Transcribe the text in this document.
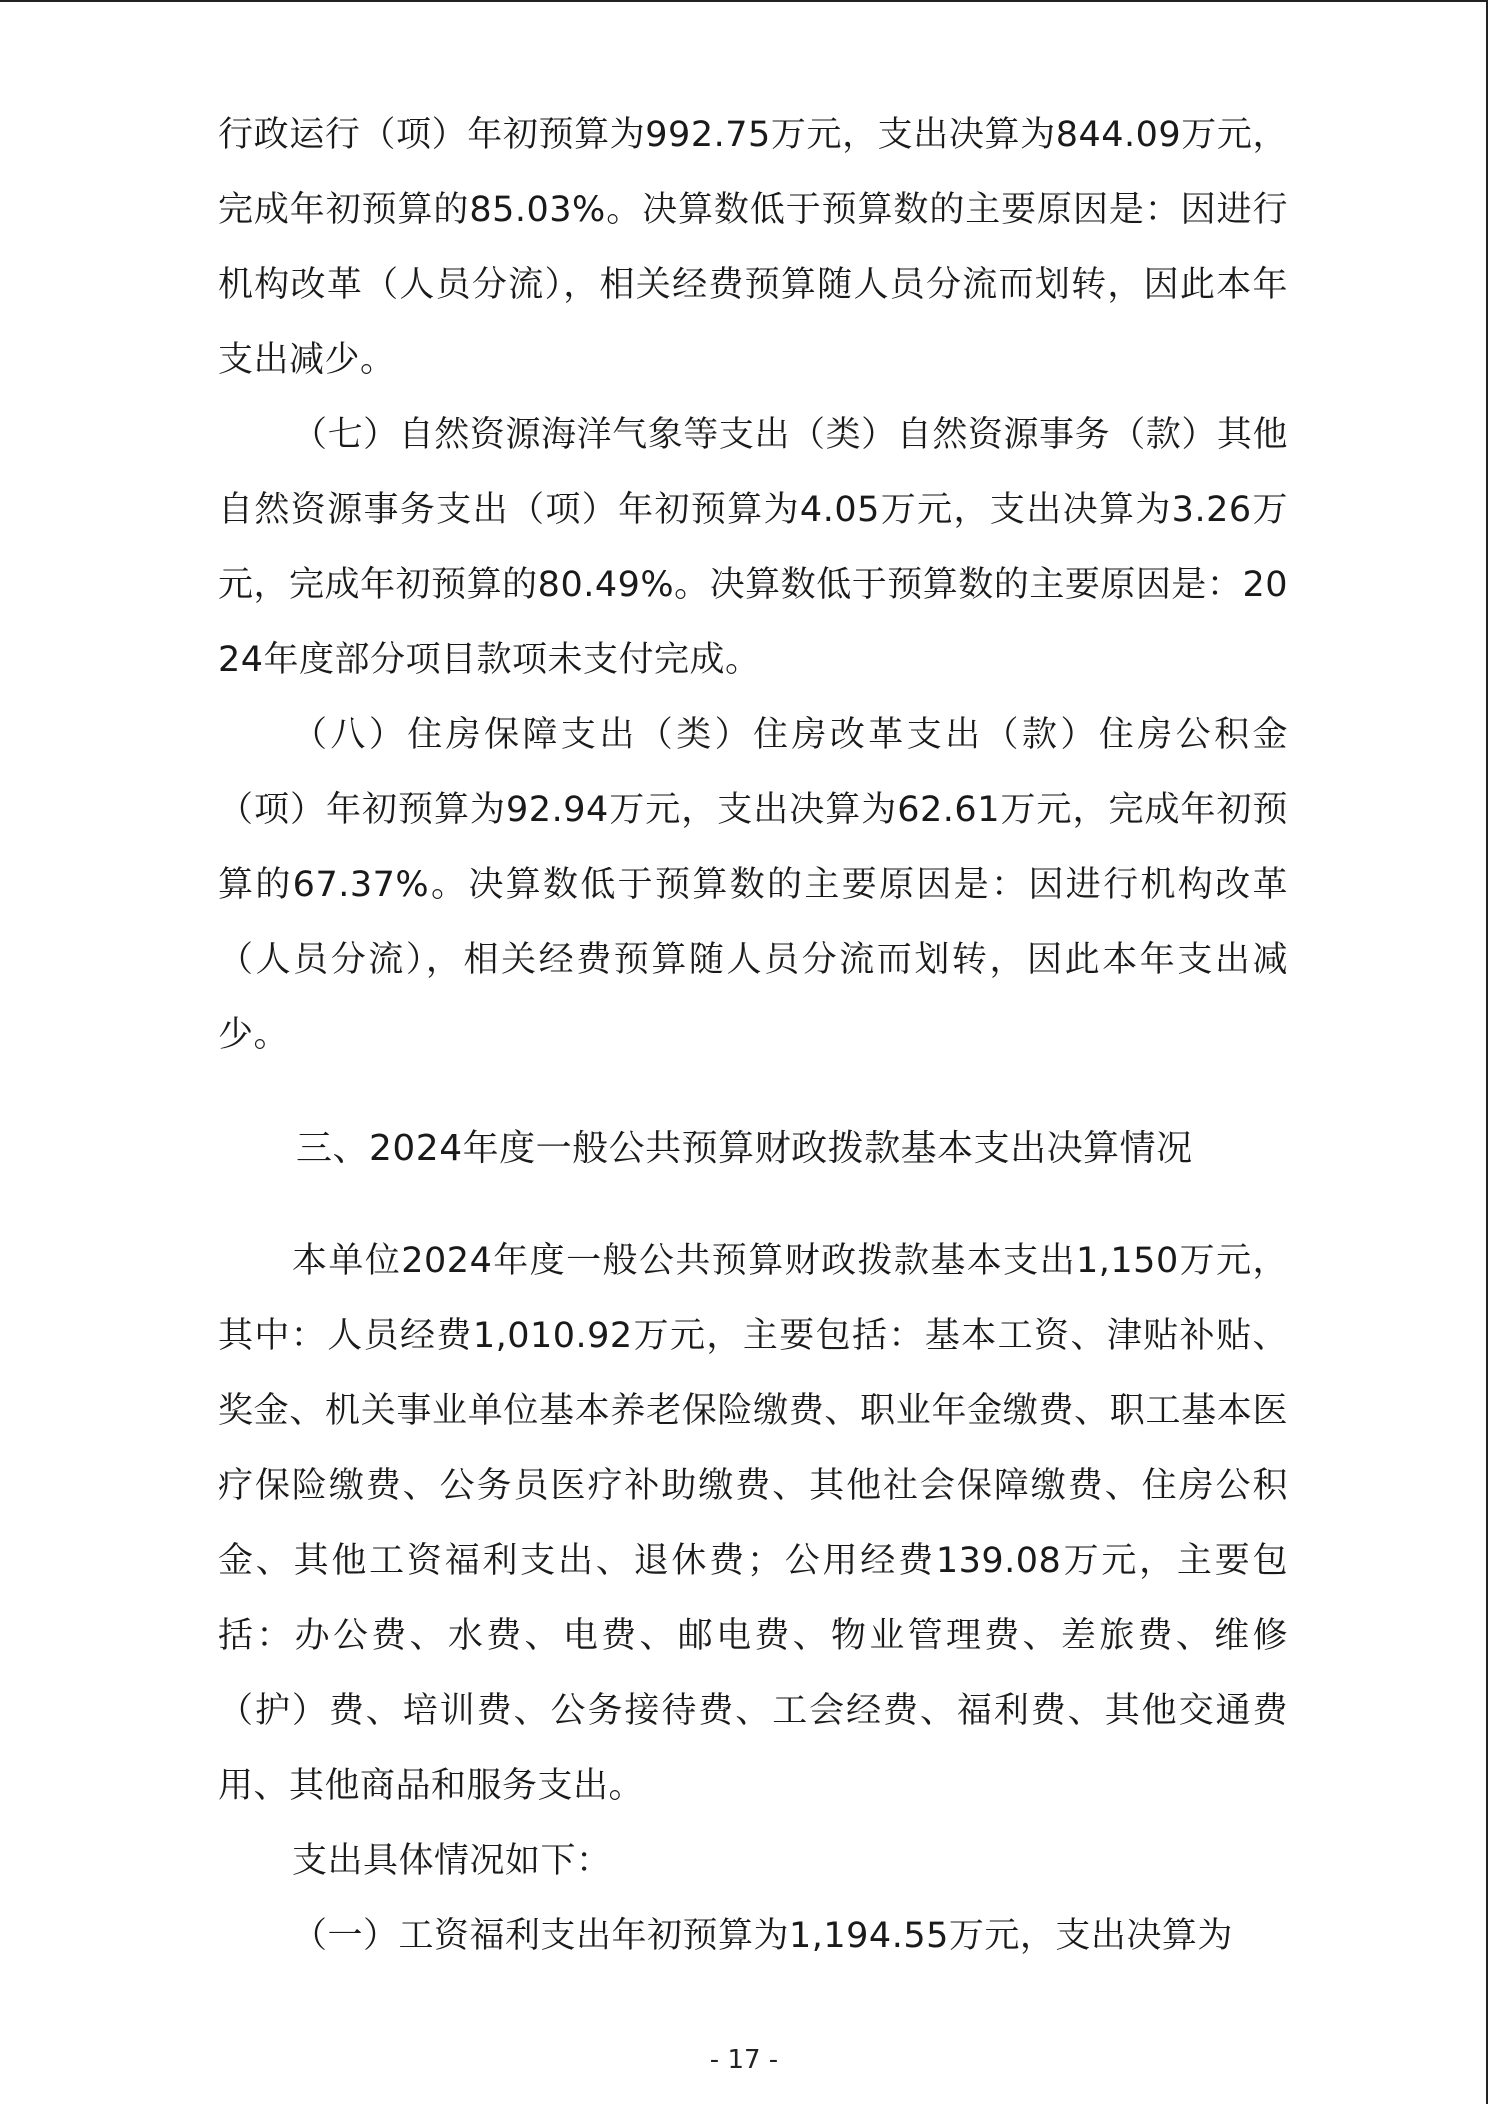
行政运行（项）年初预算为992.75万元，支出决算为844.09万元，完成年初预算的85.03%。决算数低于预算数的主要原因是：因进行机构改革（人员分流），相关经费预算随人员分流而划转，因此本年支出减少。

（七）自然资源海洋气象等支出（类）自然资源事务（款）其他自然资源事务支出（项）年初预算为4.05万元，支出决算为3.26万元，完成年初预算的80.49%。决算数低于预算数的主要原因是：2024年度部分项目款项未支付完成。

（八）住房保障支出（类）住房改革支出（款）住房公积金（项）年初预算为92.94万元，支出决算为62.61万元，完成年初预算的67.37%。决算数低于预算数的主要原因是：因进行机构改革（人员分流），相关经费预算随人员分流而划转，因此本年支出减少。

三、2024年度一般公共预算财政拨款基本支出决算情况

本单位2024年度一般公共预算财政拨款基本支出1,150万元，其中：人员经费1,010.92万元，主要包括：基本工资、津贴补贴、奖金、机关事业单位基本养老保险缴费、职业年金缴费、职工基本医疗保险缴费、公务员医疗补助缴费、其他社会保障缴费、住房公积金、其他工资福利支出、退休费；公用经费139.08万元，主要包括：办公费、水费、电费、邮电费、物业管理费、差旅费、维修（护）费、培训费、公务接待费、工会经费、福利费、其他交通费用、其他商品和服务支出。

支出具体情况如下：

（一）工资福利支出年初预算为1,194.55万元，支出决算为

- 17 -
